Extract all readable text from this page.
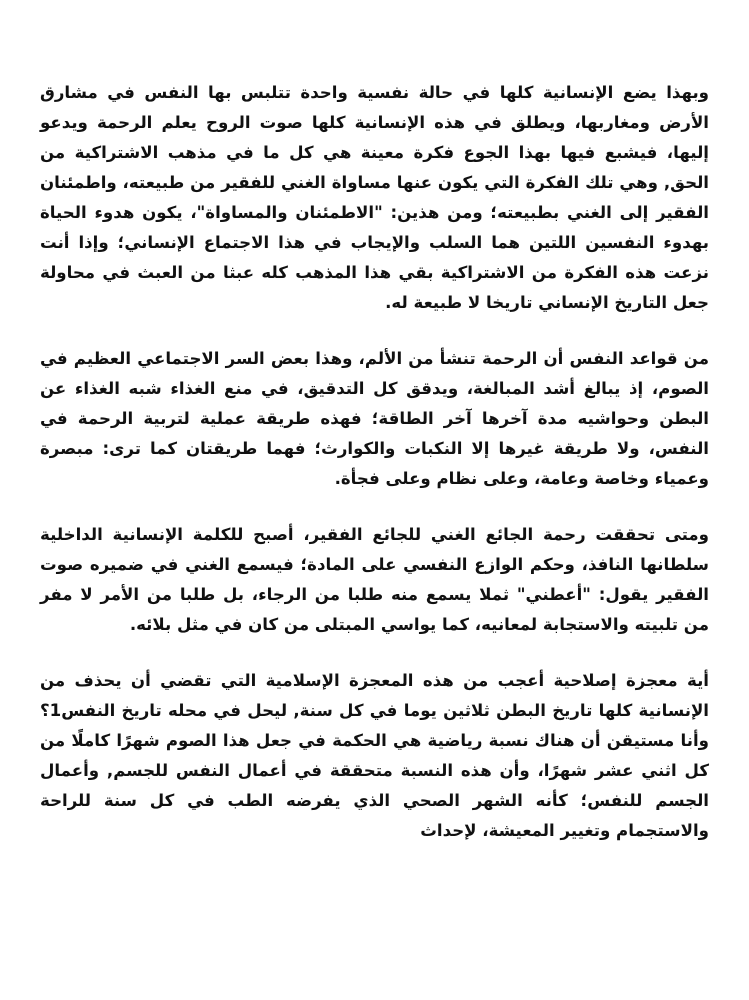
وبهذا يضع الإنسانية كلها في حالة نفسية واحدة تتلبس بها النفس في مشارق الأرض ومغاربها، ويطلق في هذه الإنسانية كلها صوت الروح يعلم الرحمة ويدعو إليها، فيشبع فيها بهذا الجوع فكرة معينة هي كل ما في مذهب الاشتراكية من الحق, وهي تلك الفكرة التي يكون عنها مساواة الغني للفقير من طبيعته، واطمئنان الفقير إلى الغني بطبيعته؛ ومن هذين: "الاطمئنان والمساواة"، يكون هدوء الحياة بهدوء النفسين اللتين هما السلب والإيجاب في هذا الاجتماع الإنساني؛ وإذا أنت نزعت هذه الفكرة من الاشتراكية بقي هذا المذهب كله عبثا من العبث في محاولة جعل التاريخ الإنساني تاريخا لا طبيعة له.

من قواعد النفس أن الرحمة تنشأ من الألم، وهذا بعض السر الاجتماعي العظيم في الصوم، إذ يبالغ أشد المبالغة، ويدقق كل التدقيق، في منع الغذاء شبه الغذاء عن البطن وحواشيه مدة آخرها آخر الطاقة؛ فهذه طريقة عملية لتربية الرحمة في النفس، ولا طريقة غيرها إلا النكبات والكوارث؛ فهما طريقتان كما ترى: مبصرة وعمياء وخاصة وعامة، وعلى نظام وعلى فجأة.

ومتى تحققت رحمة الجائع الغني للجائع الفقير، أصبح للكلمة الإنسانية الداخلية سلطانها النافذ، وحكم الوازع النفسي على المادة؛ فيسمع الغني في ضميره صوت الفقير يقول: "أعطني" ثملا يسمع منه طلبا من الرجاء، بل طلبا من الأمر لا مفر من تلبيته والاستجابة لمعانيه، كما يواسي المبتلى من كان في مثل بلائه.

أية معجزة إصلاحية أعجب من هذه المعجزة الإسلامية التي تقضي أن يحذف من الإنسانية كلها تاريخ البطن ثلاثين يوما في كل سنة, ليحل في محله تاريخ النفس1؟ وأنا مستيقن أن هناك نسبة رياضية هي الحكمة في جعل هذا الصوم شهرًا كاملًا من كل اثني عشر شهرًا، وأن هذه النسبة متحققة في أعمال النفس للجسم, وأعمال الجسم للنفس؛ كأنه الشهر الصحي الذي يفرضه الطب في كل سنة للراحة والاستجمام وتغيير المعيشة، لإحداث
